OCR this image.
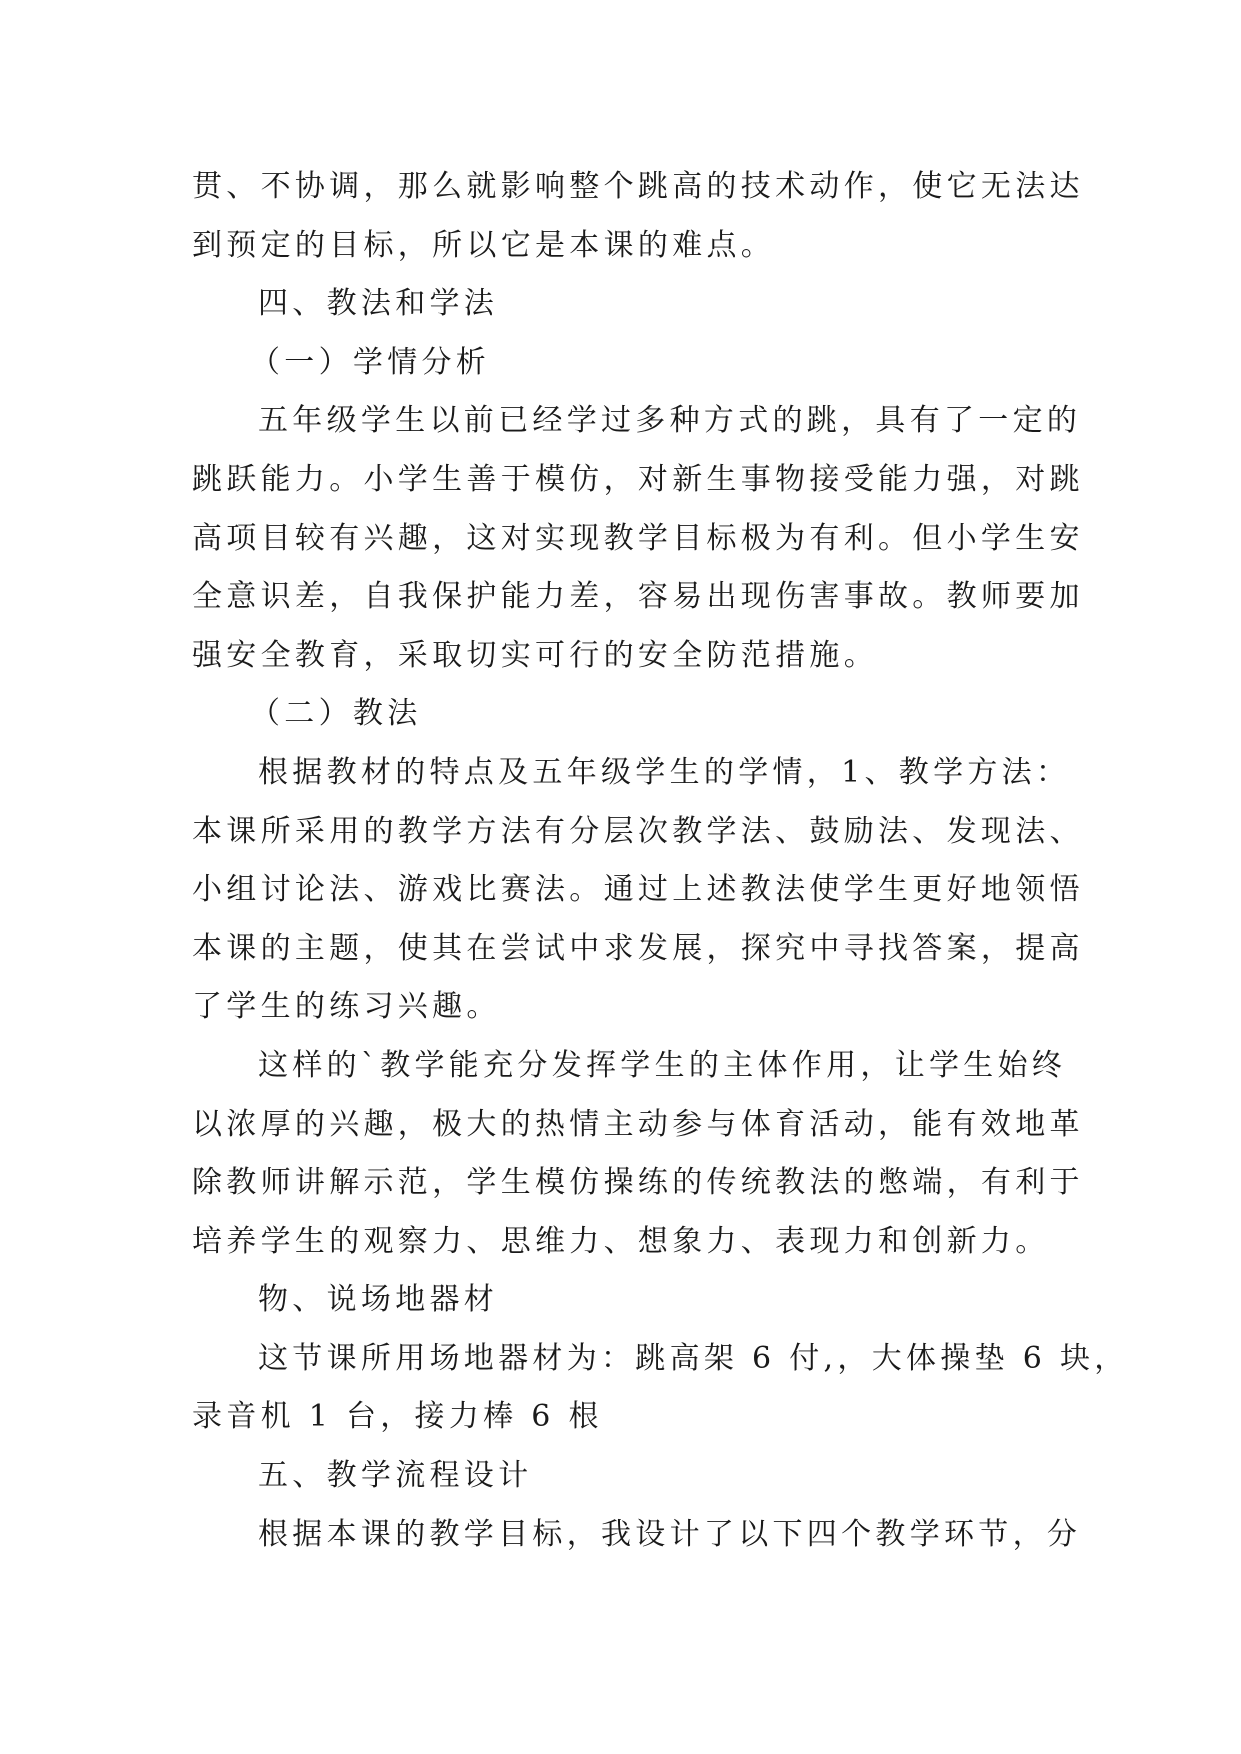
贯、不协调，那么就影响整个跳高的技术动作，使它无法达
到预定的目标，所以它是本课的难点。
四、教法和学法
（一）学情分析
五年级学生以前已经学过多种方式的跳，具有了一定的
跳跃能力。小学生善于模仿，对新生事物接受能力强，对跳
高项目较有兴趣，这对实现教学目标极为有利。但小学生安
全意识差，自我保护能力差，容易出现伤害事故。教师要加
强安全教育，采取切实可行的安全防范措施。
（二）教法
根据教材的特点及五年级学生的学情，1、教学方法：
本课所采用的教学方法有分层次教学法、鼓励法、发现法、
小组讨论法、游戏比赛法。通过上述教法使学生更好地领悟
本课的主题，使其在尝试中求发展，探究中寻找答案，提高
了学生的练习兴趣。
这样的`教学能充分发挥学生的主体作用，让学生始终
以浓厚的兴趣，极大的热情主动参与体育活动，能有效地革
除教师讲解示范，学生模仿操练的传统教法的憋端，有利于
培养学生的观察力、思维力、想象力、表现力和创新力。
物、说场地器材
这节课所用场地器材为：跳高架 6 付,，大体操垫 6 块，
录音机 1 台，接力棒 6 根
五、教学流程设计
根据本课的教学目标，我设计了以下四个教学环节，分
